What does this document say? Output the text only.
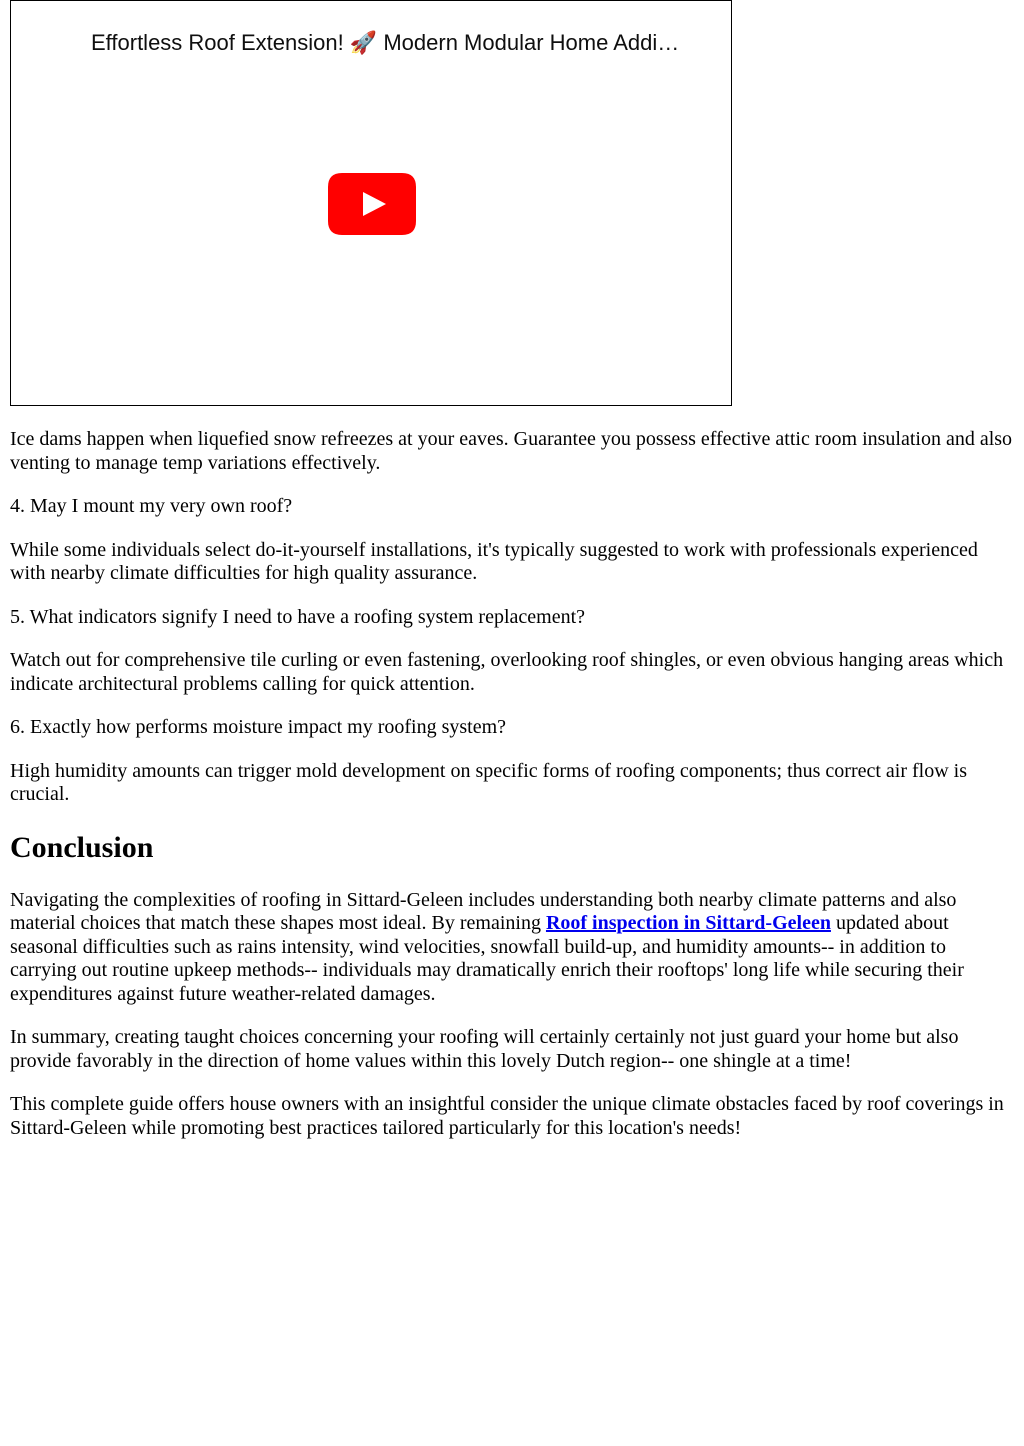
Effortless Roof Extension! 🚀 Modern Modular Home Addi…

Ice dams happen when liquefied snow refreezes at your eaves. Guarantee you possess effective attic room insulation and also venting to manage temp variations effectively.

4. May I mount my very own roof?

While some individuals select do-it-yourself installations, it's typically suggested to work with professionals experienced with nearby climate difficulties for high quality assurance.

5. What indicators signify I need to have a roofing system replacement?

Watch out for comprehensive tile curling or even fastening, overlooking roof shingles, or even obvious hanging areas which indicate architectural problems calling for quick attention.

6. Exactly how performs moisture impact my roofing system?

High humidity amounts can trigger mold development on specific forms of roofing components; thus correct air flow is crucial.

Conclusion

Navigating the complexities of roofing in Sittard-Geleen includes understanding both nearby climate patterns and also material choices that match these shapes most ideal. By remaining Roof inspection in Sittard-Geleen updated about seasonal difficulties such as rains intensity, wind velocities, snowfall build-up, and humidity amounts-- in addition to carrying out routine upkeep methods-- individuals may dramatically enrich their rooftops' long life while securing their expenditures against future weather-related damages.

In summary, creating taught choices concerning your roofing will certainly certainly not just guard your home but also provide favorably in the direction of home values within this lovely Dutch region-- one shingle at a time!

This complete guide offers house owners with an insightful consider the unique climate obstacles faced by roof coverings in Sittard-Geleen while promoting best practices tailored particularly for this location's needs!
